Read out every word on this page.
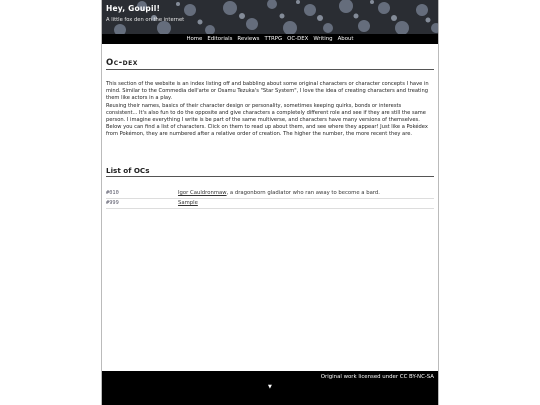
Hey, Goupil!
A little fox den on the internet
Home Editorials Reviews TTRPG OC-DEX Writing About
Oc-dex

This section of the website is an index listing off and babbling about some original characters or character concepts I have in mind. Similar to the Commedia dell'arte or Osamu Tezuka's "Star System", I love the idea of creating characters and treating them like actors in a play.

Reusing their names, basics of their character design or personality, sometimes keeping quirks, bonds or interests consistent... It's also fun to do the opposite and give characters a completely different role and see if they are still the same person. I imagine everything I write is be part of the same multiverse, and characters have many versions of themselves.

Below you can find a list of characters. Click on them to read up about them, and see where they appear! Just like a Pokédex from Pokémon, they are numbered after a relative order of creation. The higher the number, the more recent they are.

List of OCs
#010	Igor Cauldronmaw, a dragonborn gladiator who ran away to become a bard.
#999	Sample
Original work licensed under CC BY-NC-SA
▼
